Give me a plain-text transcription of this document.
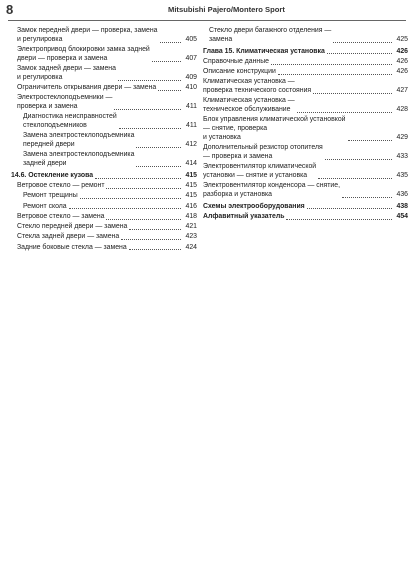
8	Mitsubishi Pajero/Montero Sport
Замок передней двери — проверка, замена
и регулировка	405
Электропривод блокировки замка задней
двери — проверка и замена	407
Замок задней двери — замена
и регулировка	409
Ограничитель открывания двери — замена	410
Электростеклоподъемники —
проверка и замена	411
Диагностика неисправностей
стеклоподъемников	411
Замена электростеклоподъемника
передней двери	412
Замена электростеклоподъемника
задней двери	414
14.6. Остекление кузова	415
Ветровое стекло — ремонт	415
Ремонт трещины	415
Ремонт скола	416
Ветровое стекло — замена	418
Стекло передней двери — замена	421
Стекла задней двери — замена	423
Задние боковые стекла — замена	424
Стекло двери багажного отделения —
замена	425
Глава 15. Климатическая установка	426
Справочные данные	426
Описание конструкции	426
Климатическая установка —
проверка технического состояния	427
Климатическая установка —
техническое обслуживание	428
Блок управления климатической установкой
— снятие, проверка
и установка	429
Дополнительный резистор отопителя
— проверка и замена	433
Электровентилятор климатической
установки — снятие и установка	435
Электровентилятор конденсора — снятие,
разборка и установка	436
Схемы электрооборудования	438
Алфавитный указатель	454
